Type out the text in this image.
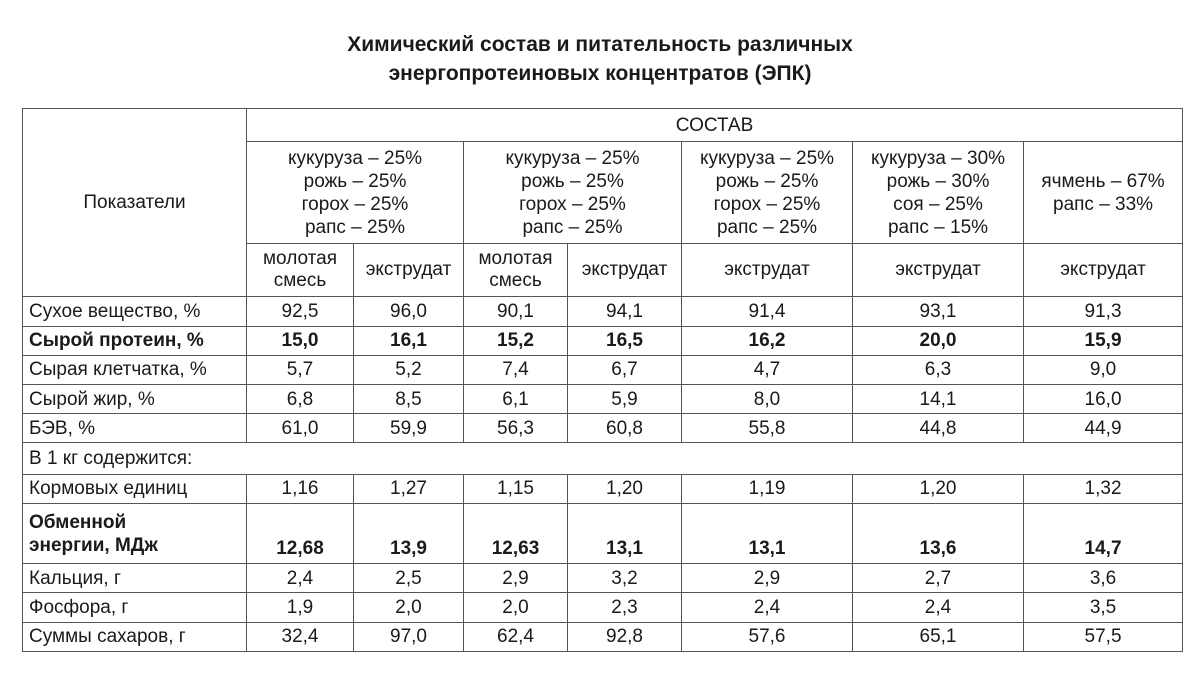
Химический состав и питательность различных
энергопротеиновых концентратов (ЭПК)
Показатели	СОСТАВ						

	кукуруза – 25%
рожь – 25%
горох – 25%
рапс – 25%		кукуруза – 25%
рожь – 25%
горох – 25%
рапс – 25%		кукуруза – 25%
рожь – 25%
горох – 25%
рапс – 25%	кукуруза – 30%
рожь – 30%
соя – 25%
рапс – 15%	ячмень – 67%
рапс – 33%

	молотая смесь	экструдат	молотая смесь	экструдат	экструдат	экструдат	экструдат
Сухое вещество, %	92,5	96,0	90,1	94,1	91,4	93,1	91,3
Сырой протеин, %	15,0	16,1	15,2	16,5	16,2	20,0	15,9
Сырая клетчатка, %	5,7	5,2	7,4	6,7	4,7	6,3	9,0
Сырой жир, %	6,8	8,5	6,1	5,9	8,0	14,1	16,0
БЭВ, %	61,0	59,9	56,3	60,8	55,8	44,8	44,9
В 1 кг содержится:							
Кормовых единиц	1,16	1,27	1,15	1,20	1,19	1,20	1,32
Обменной энергии, МДж	12,68	13,9	12,63	13,1	13,1	13,6	14,7
Кальция, г	2,4	2,5	2,9	3,2	2,9	2,7	3,6
Фосфора, г	1,9	2,0	2,0	2,3	2,4	2,4	3,5
Суммы сахаров, г	32,4	97,0	62,4	92,8	57,6	65,1	57,5
